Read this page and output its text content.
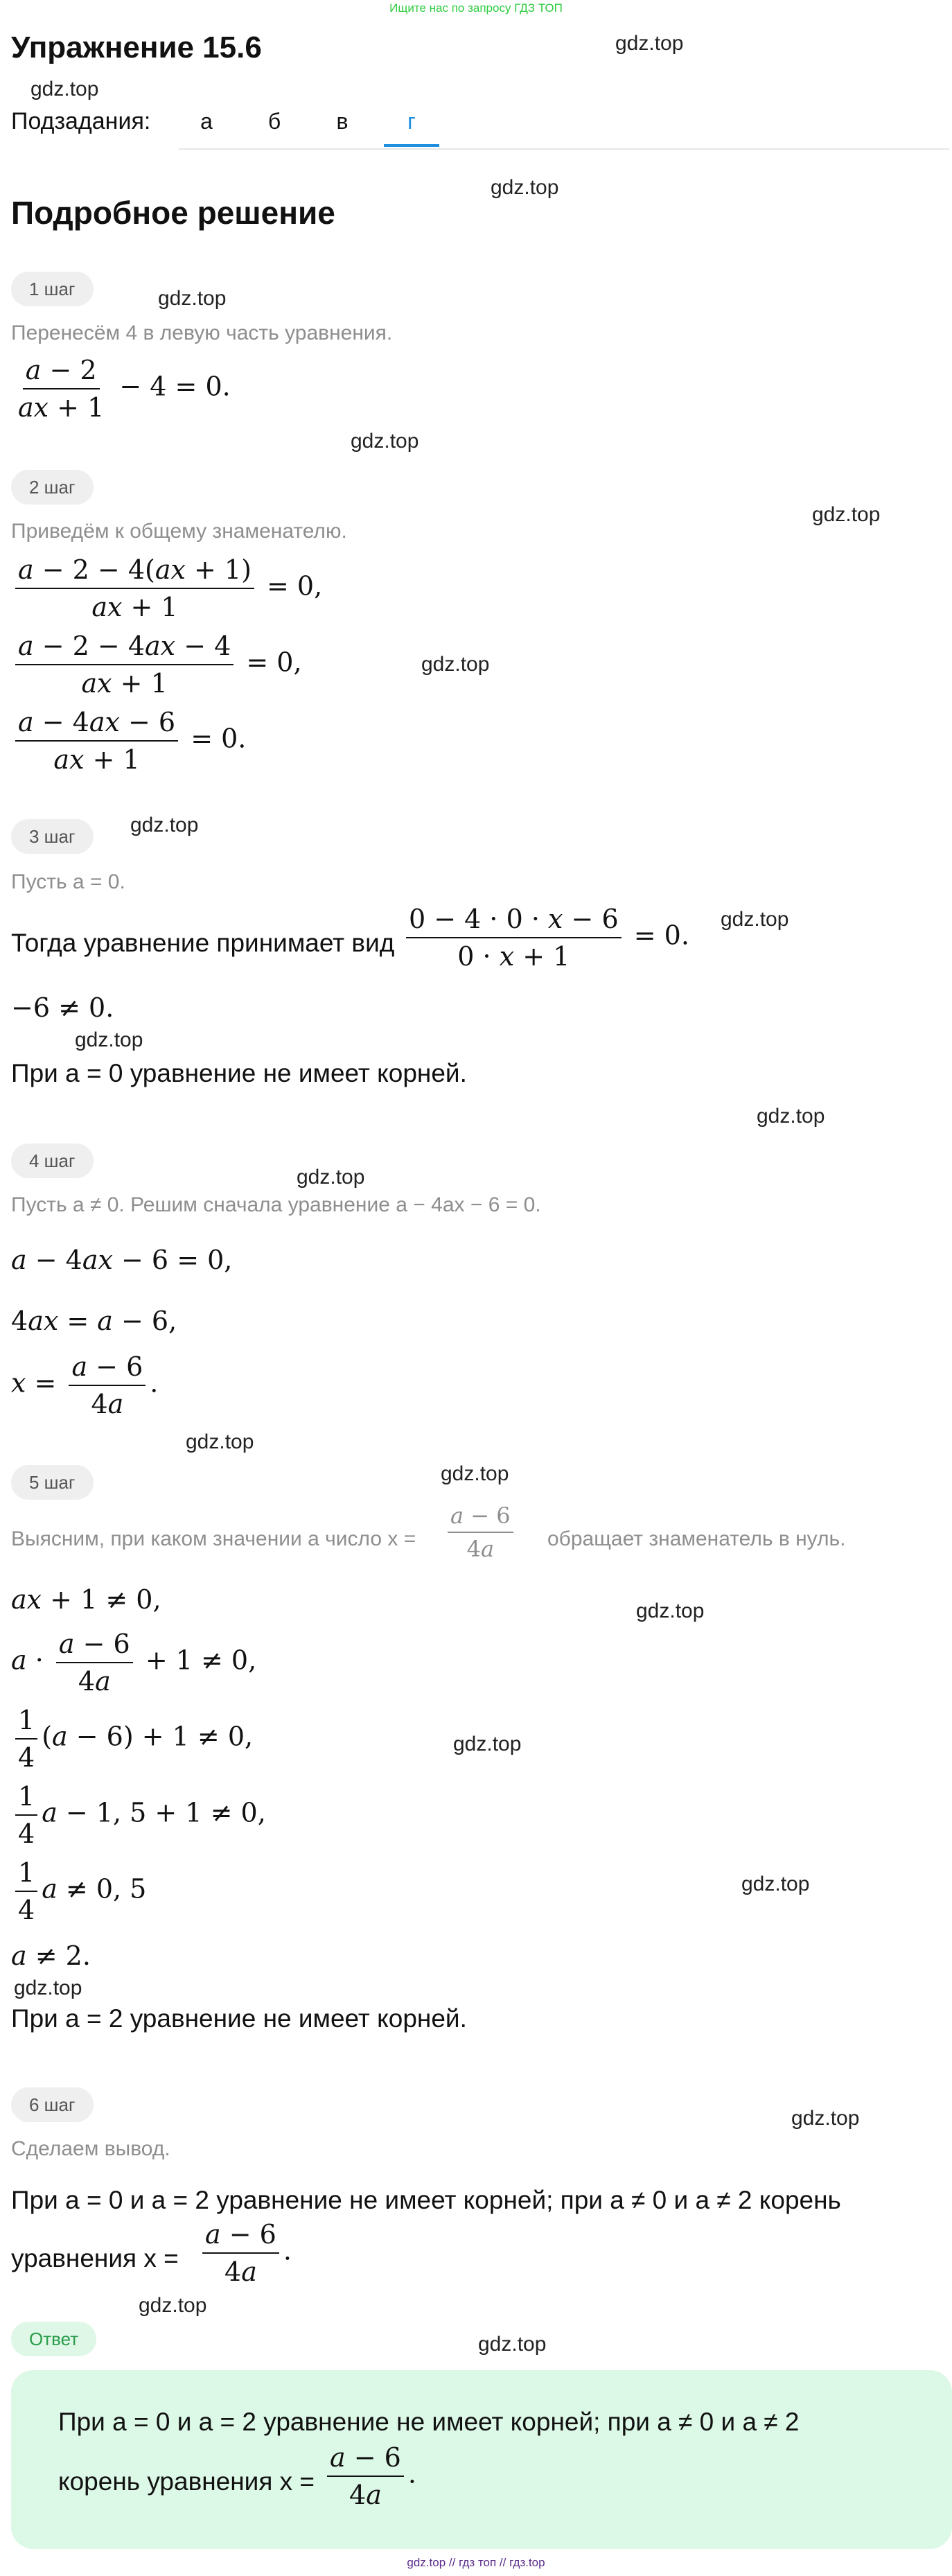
Ищите нас по запросу ГДЗ ТОП
Упражнение 15.6	gdz.top
gdz.top
gdz.top
gdz.top
gdz.top
gdz.top
gdz.top
gdz.top
gdz.top
gdz.top
gdz.top
gdz.top
gdz.top
gdz.top
gdz.top
gdz.top
gdz.top
gdz.top
gdz.top
gdz.top
gdz.top
Подзадания:	а	б	в	г
Подробное решение
1 шаг
Перенесём 4 в левую часть уравнения.
$\frac{a - 2}{ax + 1} - 4 = 0$.
2 шаг
Приведём к общему знаменателю.
$\frac{a - 2 - 4(ax + 1)}{ax + 1} = 0$,
$\frac{a - 2 - 4ax - 4}{ax + 1} = 0$,
$\frac{a - 4ax - 6}{ax + 1} = 0$.
3 шаг
Пусть a = 0.
Тогда уравнение принимает вид $\frac{0 - 4 \cdot 0 \cdot x - 6}{0 \cdot x + 1} = 0$.
−6 ≠ 0.
При a = 0 уравнение не имеет корней.
4 шаг
Пусть a ≠ 0. Решим сначала уравнение a − 4ax − 6 = 0.
a − 4ax − 6 = 0,
4ax = a − 6,
$x = \frac{a - 6}{4a}$ .
5 шаг
Выясним, при каком значении a число $x = \frac{a - 6}{4a}$ обращает знаменатель в нуль.
ax + 1 ≠ 0,
$a \cdot \frac{a - 6}{4a} + 1 \ne 0$,
$\frac{1}{4} (a - 6) + 1 \ne 0$,
$\frac{1}{4}$ a − 1, 5 + 1 ≠ 0,
$\frac{1}{4}$ a ≠ 0, 5
a ≠ 2.
При a = 2 уравнение не имеет корней.
6 шаг
Сделаем вывод.
При a = 0 и a = 2 уравнение не имеет корней; при a ≠ 0 и a ≠ 2 корень
уравнения $x = \frac{a - 6}{4a}$ .
Ответ
При a = 0 и a = 2 уравнение не имеет корней; при a ≠ 0 и a ≠ 2
корень уравнения $x = \frac{a - 6}{4a}$ .
gdz.top // гдз топ // гдз.top
